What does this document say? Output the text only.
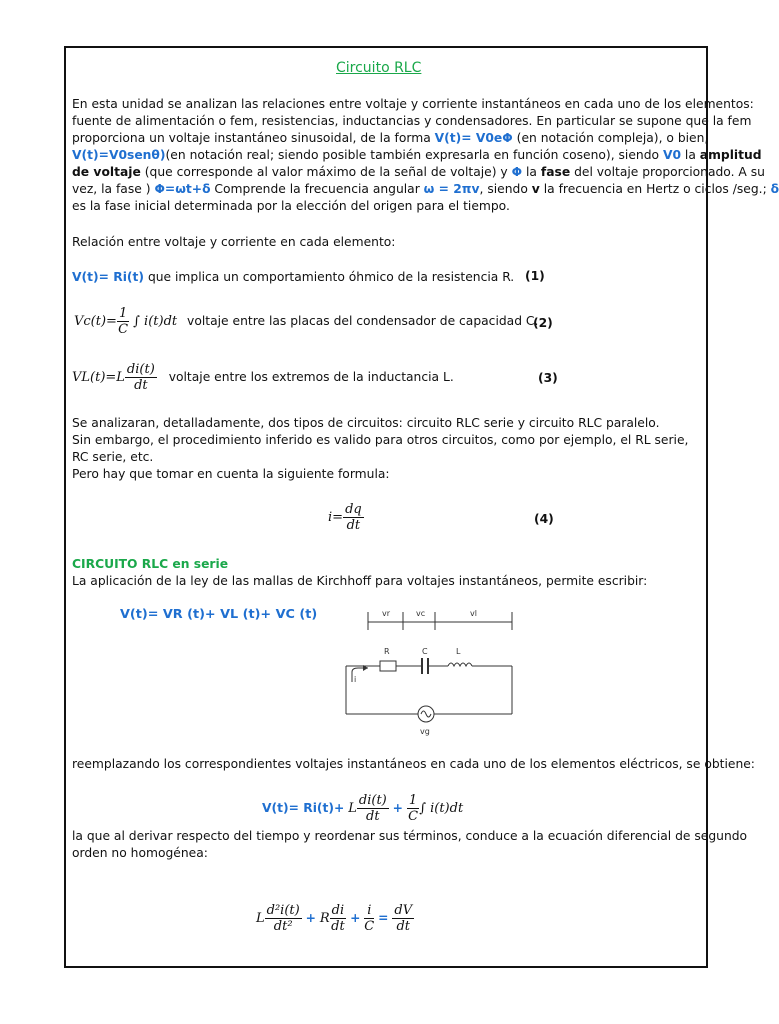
Circuito RLC
En esta unidad se analizan las relaciones entre voltaje y corriente instantáneos en cada uno de los elementos:
fuente de alimentación o fem, resistencias, inductancias y condensadores. En particular se supone que la fem
proporciona un voltaje instantáneo sinusoidal, de la forma V(t)= V0eΦ (en notación compleja), o bien,
V(t)=V0senθ)(en notación real; siendo posible también expresarla en función coseno), siendo V0 la amplitud
de voltaje (que corresponde al valor máximo de la señal de voltaje) y Φ la fase del voltaje proporcionado. A su
vez, la fase ) Φ=ωt+δ Comprende la frecuencia angular ω = 2πv, siendo v la frecuencia en Hertz o ciclos /seg.; δ
es la fase inicial determinada por la elección del origen para el tiempo.
Relación entre voltaje y corriente en cada elemento:
V(t)= Ri(t) que implica un comportamiento óhmico de la resistencia R. (1)
$Vc(t)= \frac{1}{C}$ ∫ i(t)dt voltaje entre las placas del condensador de capacidad C.
(2)
$VL(t)=L \frac{di(t)}{dt}$ voltaje entre los extremos de la inductancia L.	(3)
Se analizaran, detalladamente, dos tipos de circuitos: circuito RLC serie y circuito RLC paralelo.
Sin embargo, el procedimiento inferido es valido para otros circuitos, como por ejemplo, el RL serie,
RC serie, etc.
Pero hay que tomar en cuenta la siguiente formula:
$i= \frac{dq}{dt}$	(4)
CIRCUITO RLC en serie
La aplicación de la ley de las mallas de Kirchhoff para voltajes instantáneos, permite escribir:
V(t)= VR (t)+ VL (t)+ VC (t)	vr	vc	vl
R	C	L
i
vg
reemplazando los correspondientes voltajes instantáneos en cada uno de los elementos eléctricos, se obtiene:
V(t)= Ri(t)+ L $\frac{di(t)}{dt} + \frac{1}{C}$ ∫ i(t)dt
la que al derivar respecto del tiempo y reordenar sus términos, conduce a la ecuación diferencial de segundo
orden no homogénea:
L $\frac{\text{d²i(t)}}{\text{dt²}} + R \frac{di}{dt} + \frac{i}{C} = \frac{dV}{dt}$
